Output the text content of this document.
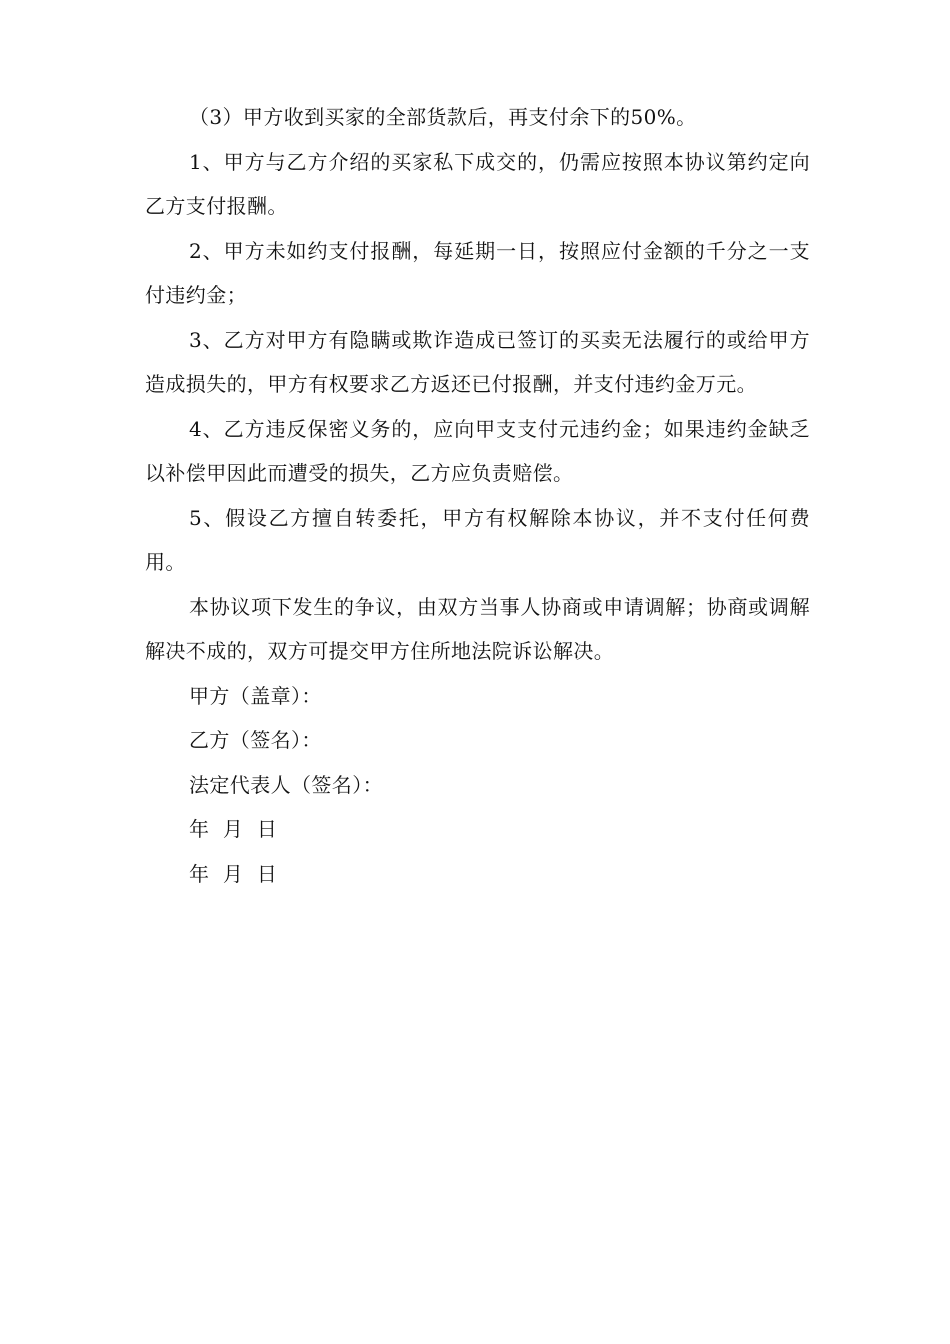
（3）甲方收到买家的全部货款后，再支付余下的50%。

1、甲方与乙方介绍的买家私下成交的，仍需应按照本协议第约定向乙方支付报酬。

2、甲方未如约支付报酬，每延期一日，按照应付金额的千分之一支付违约金；

3、乙方对甲方有隐瞒或欺诈造成已签订的买卖无法履行的或给甲方造成损失的，甲方有权要求乙方返还已付报酬，并支付违约金万元。

4、乙方违反保密义务的，应向甲支支付元违约金；如果违约金缺乏以补偿甲因此而遭受的损失，乙方应负责赔偿。

5、假设乙方擅自转委托，甲方有权解除本协议，并不支付任何费用。

本协议项下发生的争议，由双方当事人协商或申请调解；协商或调解解决不成的，双方可提交甲方住所地法院诉讼解决。

甲方（盖章）：

乙方（签名）：

法定代表人（签名）：

年  月  日

年  月  日
